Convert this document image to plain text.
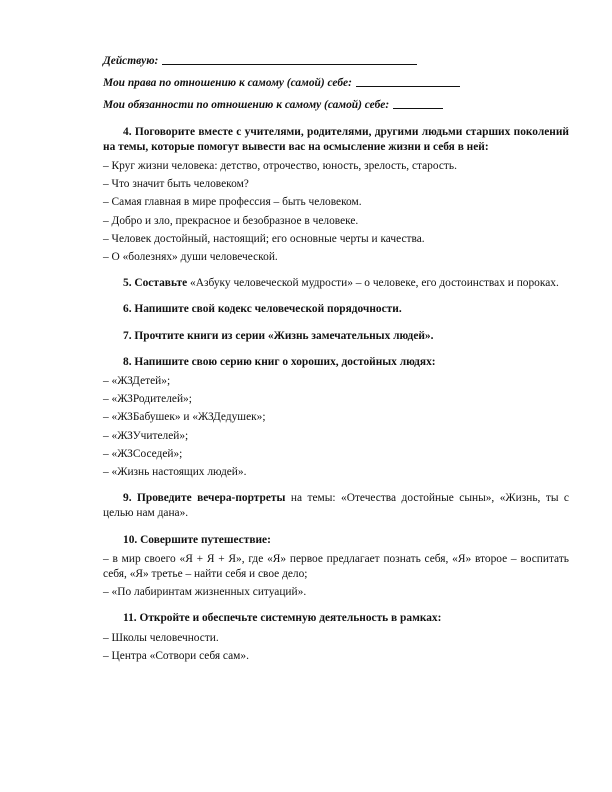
Действую:
Мои права по отношению к самому (самой) себе:
Мои обязанности по отношению к самому (самой) себе:

4. Поговорите вместе с учителями, родителями, другими людьми старших поколений на темы, которые помогут вывести вас на осмысление жизни и себя в ней:

– Круг жизни человека: детство, отрочество, юность, зрелость, старость.

– Что значит быть человеком?

– Самая главная в мире профессия – быть человеком.

– Добро и зло, прекрасное и безобразное в человеке.

– Человек достойный, настоящий; его основные черты и качества.

– О «болезнях» души человеческой.

5. Составьте «Азбуку человеческой мудрости» – о человеке, его достоинствах и пороках.

6. Напишите свой кодекс человеческой порядочности.

7. Прочтите книги из серии «Жизнь замечательных людей».

8. Напишите свою серию книг о хороших, достойных людях:

– «ЖЗДетей»;

– «ЖЗРодителей»;

– «ЖЗБабушек» и «ЖЗДедушек»;

– «ЖЗУчителей»;

– «ЖЗСоседей»;

– «Жизнь настоящих людей».

9. Проведите вечера-портреты на темы: «Отечества достойные сыны», «Жизнь, ты с целью нам дана».

10. Совершите путешествие:

– в мир своего «Я + Я + Я», где «Я» первое предлагает познать себя, «Я» второе – воспитать себя, «Я» третье – найти себя и свое дело;

– «По лабиринтам жизненных ситуаций».

11. Откройте и обеспечьте системную деятельность в рамках:

– Школы человечности.

– Центра «Сотвори себя сам».
